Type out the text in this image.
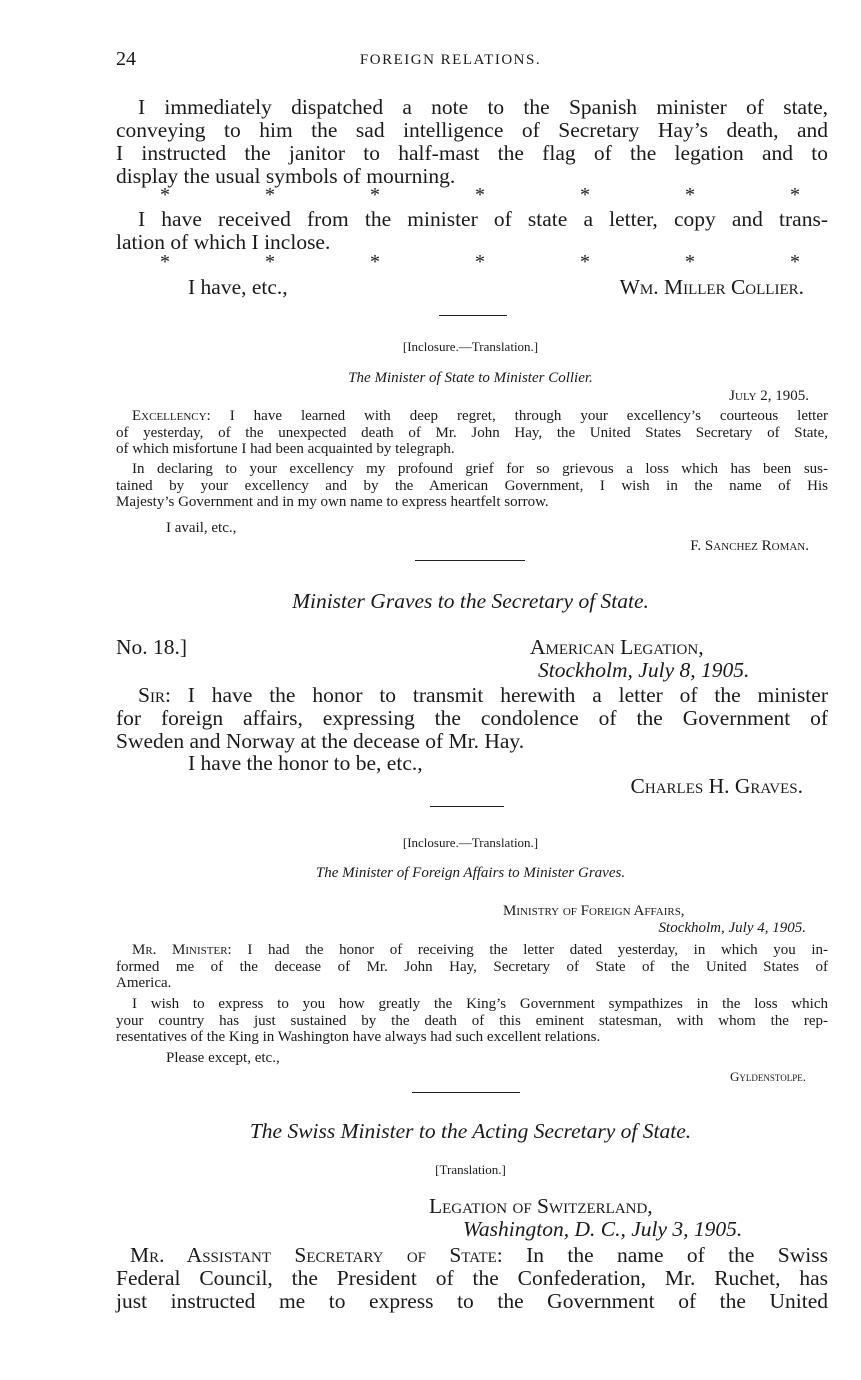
24	FOREIGN RELATIONS.
I immediately dispatched a note to the Spanish minister of state,
conveying to him the sad intelligence of Secretary Hay’s death, and
I instructed the janitor to half-mast the flag of the legation and to
display the usual symbols of mourning.
*	*	*	*	*	*	*
I have received from the minister of state a letter, copy and trans-
lation of which I inclose.
*	*	*	*	*	*	*
I have, etc.,	Wm. Miller Collier.
[Inclosure.—Translation.]
The Minister of State to Minister Collier.
July 2, 1905.
Excellency: I have learned with deep regret, through your excellency’s courteous letter
of yesterday, of the unexpected death of Mr. John Hay, the United States Secretary of State,
of which misfortune I had been acquainted by telegraph.
In declaring to your excellency my profound grief for so grievous a loss which has been sus-
tained by your excellency and by the American Government, I wish in the name of His
Majesty’s Government and in my own name to express heartfelt sorrow.
I avail, etc.,
F. Sanchez Roman.
Minister Graves to the Secretary of State.
No. 18.]	American Legation,
Stockholm, July 8, 1905.
Sir: I have the honor to transmit herewith a letter of the minister
for foreign affairs, expressing the condolence of the Government of
Sweden and Norway at the decease of Mr. Hay.
I have the honor to be, etc.,
Charles H. Graves.
[Inclosure.—Translation.]
The Minister of Foreign Affairs to Minister Graves.
Ministry of Foreign Affairs,
Stockholm, July 4, 1905.
Mr. Minister: I had the honor of receiving the letter dated yesterday, in which you in-
formed me of the decease of Mr. John Hay, Secretary of State of the United States of
America.
I wish to express to you how greatly the King’s Government sympathizes in the loss which
your country has just sustained by the death of this eminent statesman, with whom the rep-
resentatives of the King in Washington have always had such excellent relations.
Please except, etc.,
Gyldenstolpe.
The Swiss Minister to the Acting Secretary of State.
[Translation.]
Legation of Switzerland,
Washington, D. C., July 3, 1905.
Mr. Assistant Secretary of State: In the name of the Swiss
Federal Council, the President of the Confederation, Mr. Ruchet, has
just instructed me to express to the Government of the United
